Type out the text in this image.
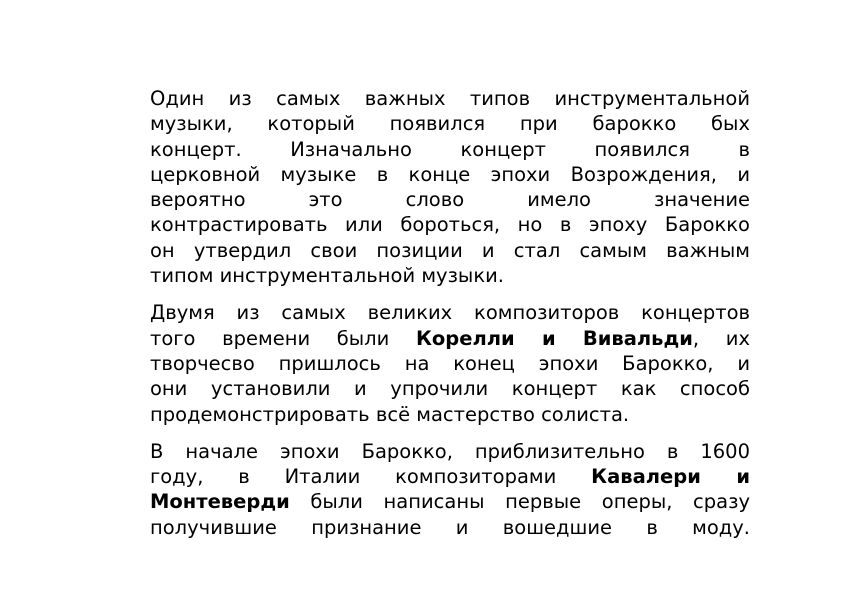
Один из самых важных типов инструментальной
музыки, который появился при барокко бых
концерт. Изначально концерт появился в
церковной музыке в конце эпохи Возрождения, и
вероятно это слово имело значение
контрастировать или бороться, но в эпоху Барокко
он утвердил свои позиции и стал самым важным
типом инструментальной музыки.

Двумя из самых великих композиторов концертов
того времени были Корелли и Вивальди, их
творчесво пришлось на конец эпохи Барокко, и
они установили и упрочили концерт как способ
продемонстрировать всё мастерство солиста.

В начале эпохи Барокко, приблизительно в 1600
году, в Италии композиторами Кавалери и
Монтеверди были написаны первые оперы, сразу
получившие признание и вошедшие в моду.
